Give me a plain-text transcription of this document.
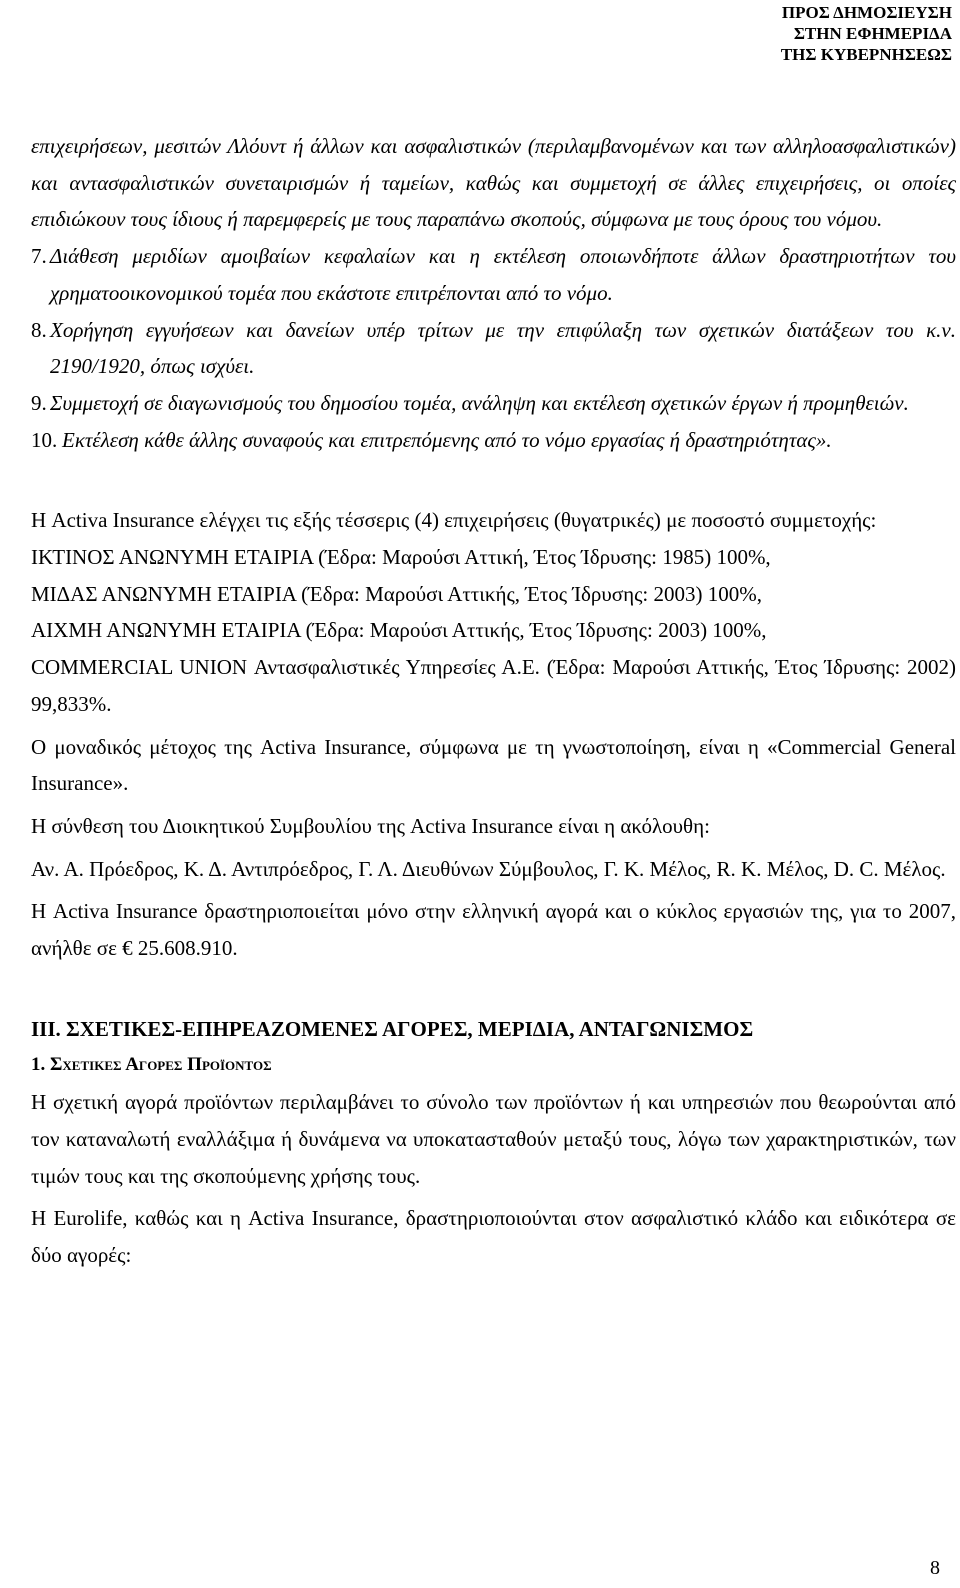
ΠΡΟΣ ΔΗΜΟΣΙΕΥΣΗ
ΣΤΗΝ ΕΦΗΜΕΡΙΔΑ
ΤΗΣ ΚΥΒΕΡΝΗΣΕΩΣ

επιχειρήσεων, μεσιτών Λλόυντ ή άλλων και ασφαλιστικών (περιλαμβανομένων και των αλληλοασφαλιστικών) και αντασφαλιστικών συνεταιρισμών ή ταμείων, καθώς και συμμετοχή σε άλλες επιχειρήσεις, οι οποίες επιδιώκουν τους ίδιους ή παρεμφερείς με τους παραπάνω σκοπούς, σύμφωνα με τους όρους του νόμου.

7. Διάθεση μεριδίων αμοιβαίων κεφαλαίων και η εκτέλεση οποιωνδήποτε άλλων δραστηριοτήτων του χρηματοοικονομικού τομέα που εκάστοτε επιτρέπονται από το νόμο.
8. Χορήγηση εγγυήσεων και δανείων υπέρ τρίτων με την επιφύλαξη των σχετικών διατάξεων του κ.ν. 2190/1920, όπως ισχύει.
9. Συμμετοχή σε διαγωνισμούς του δημοσίου τομέα, ανάληψη και εκτέλεση σχετικών έργων ή προμηθειών.
10. Εκτέλεση κάθε άλλης συναφούς και επιτρεπόμενης από το νόμο εργασίας ή δραστηριότητας».

Η Activa Insurance ελέγχει τις εξής τέσσερις (4) επιχειρήσεις (θυγατρικές) με ποσοστό συμμετοχής:

ΙΚΤΙΝΟΣ ΑΝΩΝΥΜΗ ΕΤΑΙΡΙΑ (Έδρα: Μαρούσι Αττική, Έτος Ίδρυσης: 1985) 100%,

ΜΙΔΑΣ ΑΝΩΝΥΜΗ ΕΤΑΙΡΙΑ (Έδρα: Μαρούσι Αττικής, Έτος Ίδρυσης: 2003) 100%,

ΑΙΧΜΗ ΑΝΩΝΥΜΗ ΕΤΑΙΡΙΑ (Έδρα: Μαρούσι Αττικής, Έτος Ίδρυσης: 2003) 100%,

COMMERCIAL UNION Αντασφαλιστικές Υπηρεσίες Α.Ε. (Έδρα: Μαρούσι Αττικής, Έτος Ίδρυσης: 2002) 99,833%.

Ο μοναδικός μέτοχος της Activa Insurance, σύμφωνα με τη γνωστοποίηση, είναι η «Commercial General Insurance».

Η σύνθεση του Διοικητικού Συμβουλίου της Activa Insurance είναι η ακόλουθη:

Αν. Α. Πρόεδρος, Κ. Δ. Αντιπρόεδρος, Γ. Λ. Διευθύνων Σύμβουλος, Γ. Κ. Μέλος, R. K. Μέλος, D. C. Μέλος.

Η Activa Insurance δραστηριοποιείται μόνο στην ελληνική αγορά και ο κύκλος εργασιών της, για το 2007, ανήλθε σε € 25.608.910.

ΙΙΙ. ΣΧΕΤΙΚΕΣ-ΕΠΗΡΕΑΖΟΜΕΝΕΣ ΑΓΟΡΕΣ, ΜΕΡΙΔΙΑ, ΑΝΤΑΓΩΝΙΣΜΟΣ

1. Σχετικες Αγορες Προϊοντος

Η σχετική αγορά προϊόντων περιλαμβάνει το σύνολο των προϊόντων ή και υπηρεσιών που θεωρούνται από τον καταναλωτή εναλλάξιμα ή δυνάμενα να υποκατασταθούν μεταξύ τους, λόγω των χαρακτηριστικών, των τιμών τους και της σκοπούμενης χρήσης τους.

Η Eurolife, καθώς και η Activa Insurance, δραστηριοποιούνται στον ασφαλιστικό κλάδο και ειδικότερα σε δύο αγορές:

8
